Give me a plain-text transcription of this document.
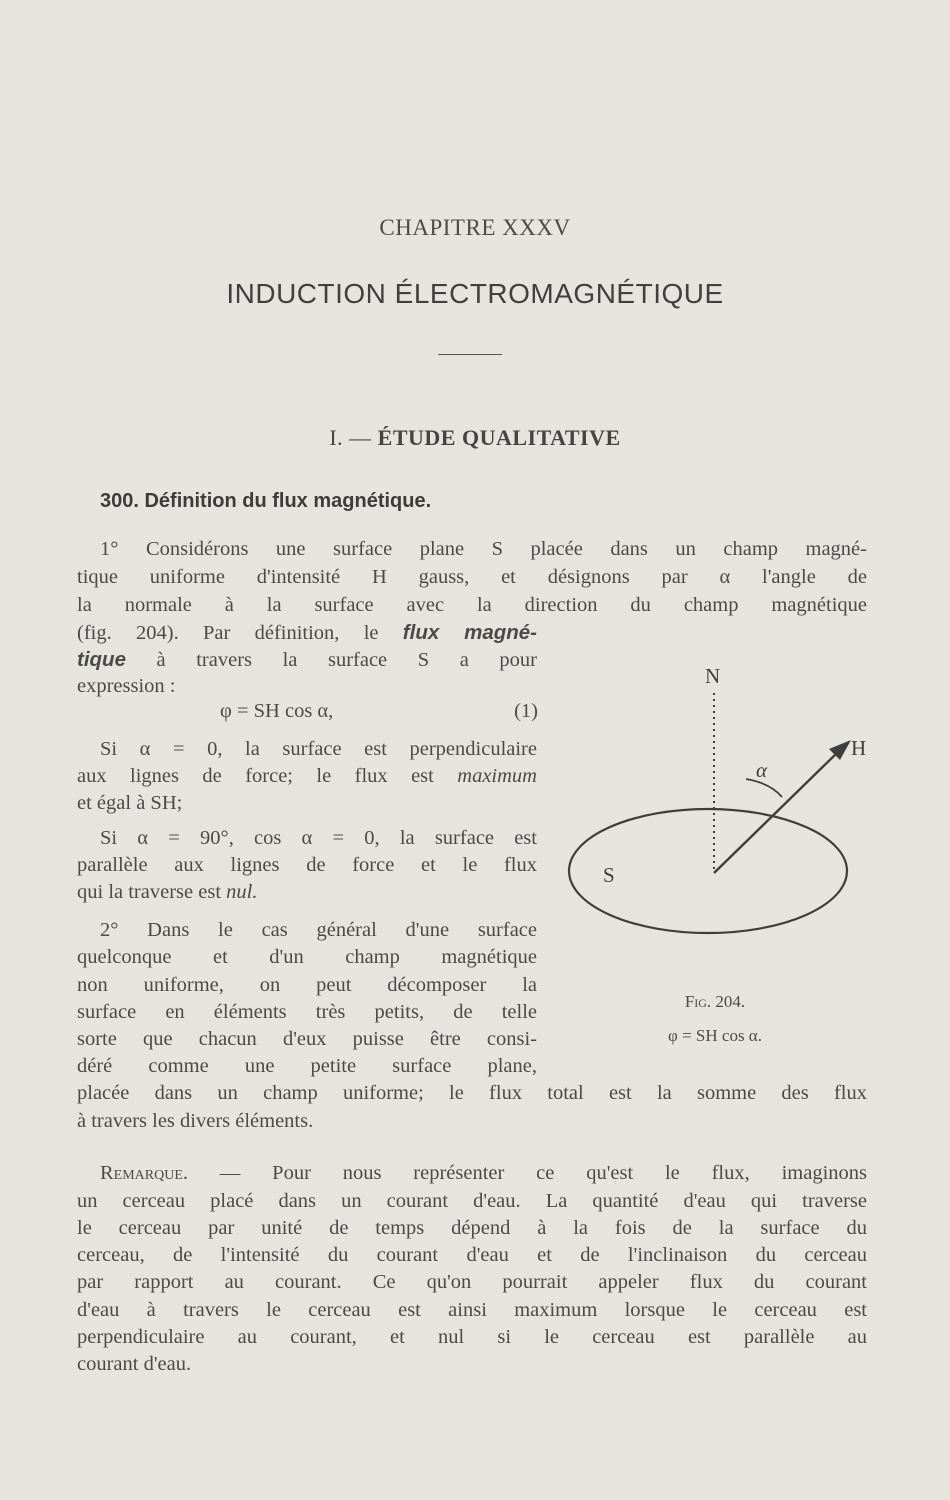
CHAPITRE XXXV
INDUCTION ÉLECTROMAGNÉTIQUE
I. — ÉTUDE QUALITATIVE
300. Définition du flux magnétique.
1° Considérons une surface plane S placée dans un champ magné-
tique uniforme d'intensité H gauss, et désignons par α l'angle de
la normale à la surface avec la direction du champ magnétique
(fig. 204). Par définition, le flux magné-
tique à travers la surface S a pour
expression :
φ = SH cos α,	(1)
Si α = 0, la surface est perpendiculaire
aux lignes de force; le flux est maximum
et égal à SH;
Si α = 90°, cos α = 0, la surface est
parallèle aux lignes de force et le flux
qui la traverse est nul.
2° Dans le cas général d'une surface
quelconque et d'un champ magnétique
non uniforme, on peut décomposer la
surface en éléments très petits, de telle
sorte que chacun d'eux puisse être consi-
déré comme une petite surface plane,
placée dans un champ uniforme; le flux total est la somme des flux
à travers les divers éléments.
Remarque. — Pour nous représenter ce qu'est le flux, imaginons
un cerceau placé dans un courant d'eau. La quantité d'eau qui traverse
le cerceau par unité de temps dépend à la fois de la surface du
cerceau, de l'intensité du courant d'eau et de l'inclinaison du cerceau
par rapport au courant. Ce qu'on pourrait appeler flux du courant
d'eau à travers le cerceau est ainsi maximum lorsque le cerceau est
perpendiculaire au courant, et nul si le cerceau est parallèle au
courant d'eau.
N
H
S
α
Fig. 204.
φ = SH cos α.
